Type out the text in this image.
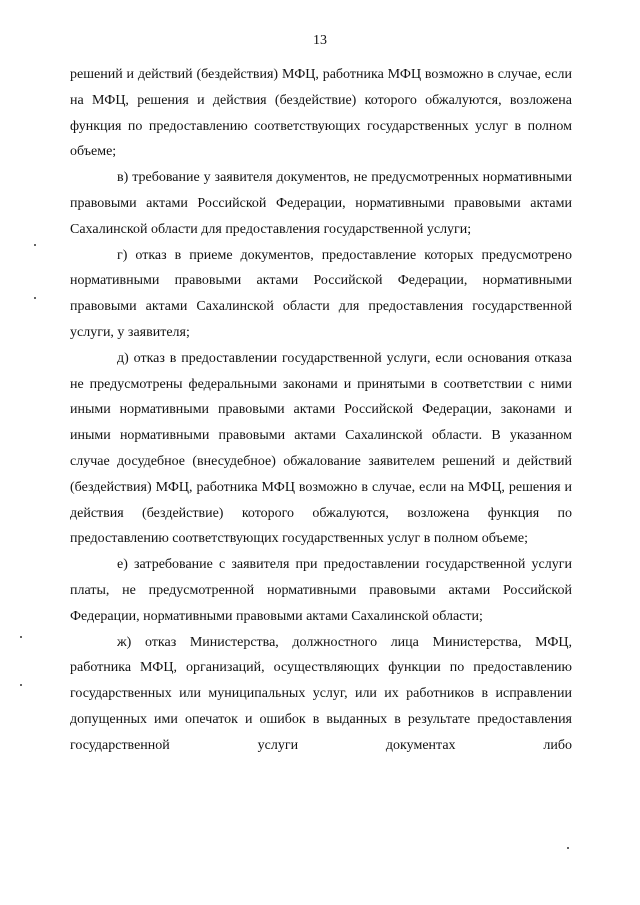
13

решений и действий (бездействия) МФЦ, работника МФЦ возможно в случае, если на МФЦ, решения и действия (бездействие) которого обжалуются, возложена функция по предоставлению соответствующих государственных услуг в полном объеме;

в) требование у заявителя документов, не предусмотренных нормативными правовыми актами Российской Федерации, нормативными правовыми актами Сахалинской области для предоставления государственной услуги;

г) отказ в приеме документов, предоставление которых предусмотрено нормативными правовыми актами Российской Федерации, нормативными правовыми актами Сахалинской области для предоставления государственной услуги, у заявителя;

д) отказ в предоставлении государственной услуги, если основания отказа не предусмотрены федеральными законами и принятыми в соответствии с ними иными нормативными правовыми актами Российской Федерации, законами и иными нормативными правовыми актами Сахалинской области. В указанном случае досудебное (внесудебное) обжалование заявителем решений и действий (бездействия) МФЦ, работника МФЦ возможно в случае, если на МФЦ, решения и действия (бездействие) которого обжалуются, возложена функция по предоставлению соответствующих государственных услуг в полном объеме;

е) затребование с заявителя при предоставлении государственной услуги платы, не предусмотренной нормативными правовыми актами Российской Федерации, нормативными правовыми актами Сахалинской области;

ж) отказ Министерства, должностного лица Министерства, МФЦ, работника МФЦ, организаций, осуществляющих функции по предоставлению государственных или муниципальных услуг, или их работников в исправлении допущенных ими опечаток и ошибок в выданных в результате предоставления государственной услуги документах либо
